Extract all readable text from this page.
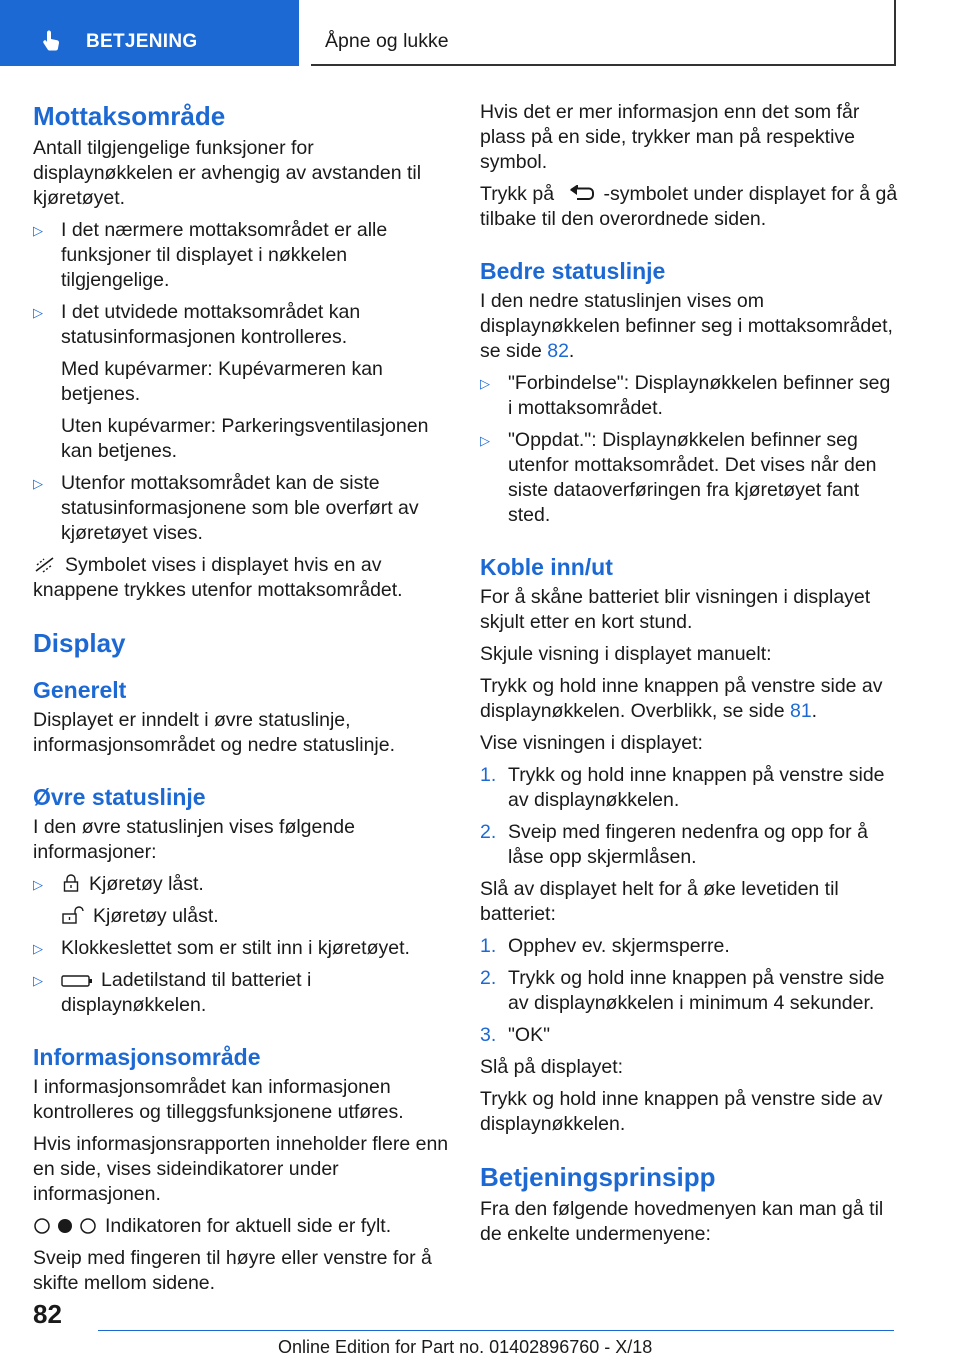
BETJENING	Åpne og lukke
Mottaksområde
Antall tilgjengelige funksjoner for displaynøkkelen er avhengig av avstanden til kjøretøyet.
▷ I det nærmere mottaksområdet er alle funksjoner til displayet i nøkkelen tilgjengelige.
▷ I det utvidede mottaksområdet kan statusinformasjonen kontrolleres.
Med kupévarmer: Kupévarmeren kan betjenes.
Uten kupévarmer: Parkeringsventilasjonen kan betjenes.
▷ Utenfor mottaksområdet kan de siste statusinformasjonene som ble overført av kjøretøyet vises.
Symbolet vises i displayet hvis en av knappene trykkes utenfor mottaksområdet.
Display
Generelt
Displayet er inndelt i øvre statuslinje, informasjonsområdet og nedre statuslinje.
Øvre statuslinje
I den øvre statuslinjen vises følgende informasjoner:
▷ Kjøretøy låst.
Kjøretøy ulåst.
▷ Klokkeslettet som er stilt inn i kjøretøyet.
▷	Ladetilstand til batteriet i displaynøkkelen.
Informasjonsområde
I informasjonsområdet kan informasjonen kontrolleres og tilleggsfunksjonene utføres.
Hvis informasjonsrapporten inneholder flere enn en side, vises sideindikatorer under informasjonen.
Indikatoren for aktuell side er fylt.
Sveip med fingeren til høyre eller venstre for å skifte mellom sidene.
Hvis det er mer informasjon enn det som får plass på en side, trykker man på respektive symbol.
Trykk på	-symbolet under displayet for å gå tilbake til den overordnede siden.
Bedre statuslinje
I den nedre statuslinjen vises om displaynøkkelen befinner seg i mottaksområdet, se side 82.
▷ "Forbindelse": Displaynøkkelen befinner seg i mottaksområdet.
▷ "Oppdat.": Displaynøkkelen befinner seg utenfor mottaksområdet. Det vises når den siste dataoverføringen fra kjøretøyet fant sted.
Koble inn/ut
For å skåne batteriet blir visningen i displayet skjult etter en kort stund.
Skjule visning i displayet manuelt:
Trykk og hold inne knappen på venstre side av displaynøkkelen. Overblikk, se side 81.
Vise visningen i displayet:
1. Trykk og hold inne knappen på venstre side av displaynøkkelen.
2. Sveip med fingeren nedenfra og opp for å låse opp skjermlåsen.
Slå av displayet helt for å øke levetiden til batteriet:
1. Opphev ev. skjermsperre.
2. Trykk og hold inne knappen på venstre side av displaynøkkelen i minimum 4 sekunder.
3. "OK"
Slå på displayet:
Trykk og hold inne knappen på venstre side av displaynøkkelen.
Betjeningsprinsipp
Fra den følgende hovedmenyen kan man gå til de enkelte undermenyene:
82
Online Edition for Part no. 01402896760 - X/18
